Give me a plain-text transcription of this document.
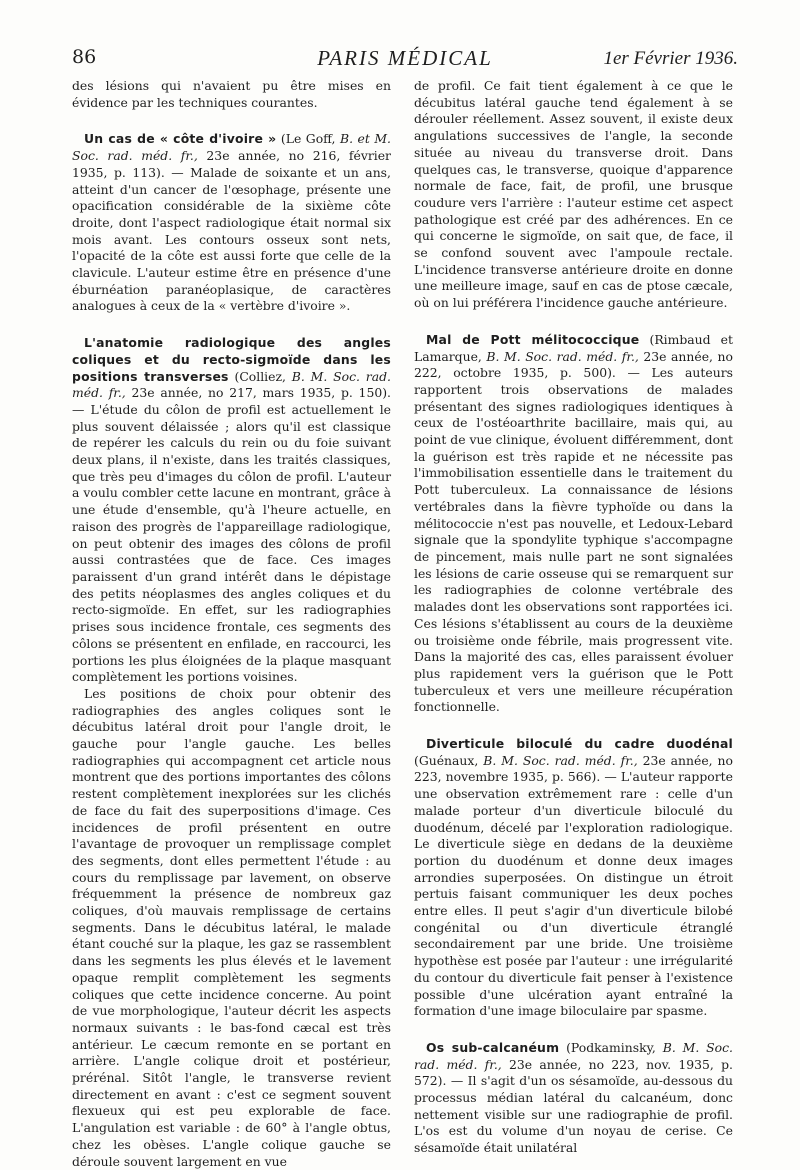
86	PARIS MÉDICAL	1er Février 1936.

des lésions qui n'avaient pu être mises en évidence par les techniques courantes.

Un cas de « côte d'ivoire » (Le Goff, B. et M. Soc. rad. méd. fr., 23e année, no 216, février 1935, p. 113). — Malade de soixante et un ans, atteint d'un cancer de l'œsophage, présente une opacification considérable de la sixième côte droite, dont l'aspect radiologique était normal six mois avant. Les contours osseux sont nets, l'opacité de la côte est aussi forte que celle de la clavicule. L'auteur estime être en présence d'une éburnéation paranéoplasique, de caractères analogues à ceux de la « vertèbre d'ivoire ».

L'anatomie radiologique des angles coliques et du recto-sigmoïde dans les positions transverses (Colliez, B. M. Soc. rad. méd. fr., 23e année, no 217, mars 1935, p. 150). — L'étude du côlon de profil est actuellement le plus souvent délaissée ; alors qu'il est classique de repérer les calculs du rein ou du foie suivant deux plans, il n'existe, dans les traités classiques, que très peu d'images du côlon de profil. L'auteur a voulu combler cette lacune en montrant, grâce à une étude d'ensemble, qu'à l'heure actuelle, en raison des progrès de l'appareillage radiologique, on peut obtenir des images des côlons de profil aussi contrastées que de face. Ces images paraissent d'un grand intérêt dans le dépistage des petits néoplasmes des angles coliques et du recto-sigmoïde. En effet, sur les radiographies prises sous incidence frontale, ces segments des côlons se présentent en enfilade, en raccourci, les portions les plus éloignées de la plaque masquant complètement les portions voisines.

Les positions de choix pour obtenir des radiographies des angles coliques sont le décubitus latéral droit pour l'angle droit, le gauche pour l'angle gauche. Les belles radiographies qui accompagnent cet article nous montrent que des portions importantes des côlons restent complètement inexplorées sur les clichés de face du fait des superpositions d'image. Ces incidences de profil présentent en outre l'avantage de provoquer un remplissage complet des segments, dont elles permettent l'étude : au cours du remplissage par lavement, on observe fréquemment la présence de nombreux gaz coliques, d'où mauvais remplissage de certains segments. Dans le décubitus latéral, le malade étant couché sur la plaque, les gaz se rassemblent dans les segments les plus élevés et le lavement opaque remplit complètement les segments coliques que cette incidence concerne. Au point de vue morphologique, l'auteur décrit les aspects normaux suivants : le bas-fond cæcal est très antérieur. Le cæcum remonte en se portant en arrière. L'angle colique droit et postérieur, prérénal. Sitôt l'angle, le transverse revient directement en avant : c'est ce segment souvent flexueux qui est peu explorable de face. L'angulation est variable : de 60° à l'angle obtus, chez les obèses. L'angle colique gauche se déroule souvent largement en vue

de profil. Ce fait tient également à ce que le décubitus latéral gauche tend également à se dérouler réellement. Assez souvent, il existe deux angulations successives de l'angle, la seconde située au niveau du transverse droit. Dans quelques cas, le transverse, quoique d'apparence normale de face, fait, de profil, une brusque coudure vers l'arrière : l'auteur estime cet aspect pathologique est créé par des adhérences. En ce qui concerne le sigmoïde, on sait que, de face, il se confond souvent avec l'ampoule rectale. L'incidence transverse antérieure droite en donne une meilleure image, sauf en cas de ptose cæcale, où on lui préférera l'incidence gauche antérieure.

Mal de Pott mélitococcique (Rimbaud et Lamarque, B. M. Soc. rad. méd. fr., 23e année, no 222, octobre 1935, p. 500). — Les auteurs rapportent trois observations de malades présentant des signes radiologiques identiques à ceux de l'ostéoarthrite bacillaire, mais qui, au point de vue clinique, évoluent différemment, dont la guérison est très rapide et ne nécessite pas l'immobilisation essentielle dans le traitement du Pott tuberculeux. La connaissance de lésions vertébrales dans la fièvre typhoïde ou dans la mélitococcie n'est pas nouvelle, et Ledoux-Lebard signale que la spondylite typhique s'accompagne de pincement, mais nulle part ne sont signalées les lésions de carie osseuse qui se remarquent sur les radiographies de colonne vertébrale des malades dont les observations sont rapportées ici. Ces lésions s'établissent au cours de la deuxième ou troisième onde fébrile, mais progressent vite. Dans la majorité des cas, elles paraissent évoluer plus rapidement vers la guérison que le Pott tuberculeux et vers une meilleure récupération fonctionnelle.

Diverticule biloculé du cadre duodénal (Guénaux, B. M. Soc. rad. méd. fr., 23e année, no 223, novembre 1935, p. 566). — L'auteur rapporte une observation extrêmement rare : celle d'un malade porteur d'un diverticule biloculé du duodénum, décelé par l'exploration radiologique. Le diverticule siège en dedans de la deuxième portion du duodénum et donne deux images arrondies superposées. On distingue un étroit pertuis faisant communiquer les deux poches entre elles. Il peut s'agir d'un diverticule bilobé congénital ou d'un diverticule étranglé secondairement par une bride. Une troisième hypothèse est posée par l'auteur : une irrégularité du contour du diverticule fait penser à l'existence possible d'une ulcération ayant entraîné la formation d'une image biloculaire par spasme.

Os sub-calcanéum (Podkaminsky, B. M. Soc. rad. méd. fr., 23e année, no 223, nov. 1935, p. 572). — Il s'agit d'un os sésamoïde, au-dessous du processus médian latéral du calcanéum, donc nettement visible sur une radiographie de profil. L'os est du volume d'un noyau de cerise. Ce sésamoïde était unilatéral
